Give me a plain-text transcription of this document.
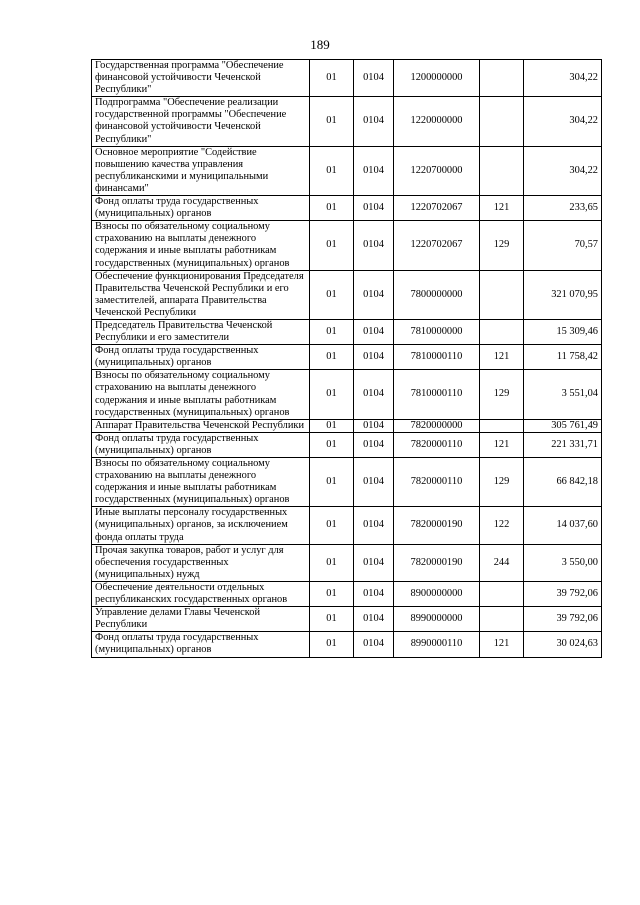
189
Государственная программа "Обеспечение финансовой устойчивости Чеченской Республики"	01	0104	1200000000		304,22
Подпрограмма "Обеспечение реализации государственной программы "Обеспечение финансовой устойчивости Чеченской Республики"	01	0104	1220000000		304,22
Основное мероприятие "Содействие повышению качества управления республиканскими и муниципальными финансами"	01	0104	1220700000		304,22
Фонд оплаты труда государственных (муниципальных) органов	01	0104	1220702067	121	233,65
Взносы по обязательному социальному страхованию на выплаты денежного содержания и иные выплаты работникам государственных (муниципальных) органов	01	0104	1220702067	129	70,57
Обеспечение функционирования Председателя Правительства Чеченской Республики и его заместителей, аппарата Правительства Чеченской Республики	01	0104	7800000000		321 070,95
Председатель Правительства Чеченской Республики и его заместители	01	0104	7810000000		15 309,46
Фонд оплаты труда государственных (муниципальных) органов	01	0104	7810000110	121	11 758,42
Взносы по обязательному социальному страхованию на выплаты денежного содержания и иные выплаты работникам государственных (муниципальных) органов	01	0104	7810000110	129	3 551,04
Аппарат Правительства Чеченской Республики	01	0104	7820000000		305 761,49
Фонд оплаты труда государственных (муниципальных) органов	01	0104	7820000110	121	221 331,71
Взносы по обязательному социальному страхованию на выплаты денежного содержания и иные выплаты работникам государственных (муниципальных) органов	01	0104	7820000110	129	66 842,18
Иные выплаты персоналу государственных (муниципальных) органов, за исключением фонда оплаты труда	01	0104	7820000190	122	14 037,60
Прочая закупка товаров, работ и услуг для обеспечения государственных (муниципальных) нужд	01	0104	7820000190	244	3 550,00
Обеспечение деятельности отдельных республиканских государственных органов	01	0104	8900000000		39 792,06
Управление делами Главы Чеченской Республики	01	0104	8990000000		39 792,06
Фонд оплаты труда государственных (муниципальных) органов	01	0104	8990000110	121	30 024,63
